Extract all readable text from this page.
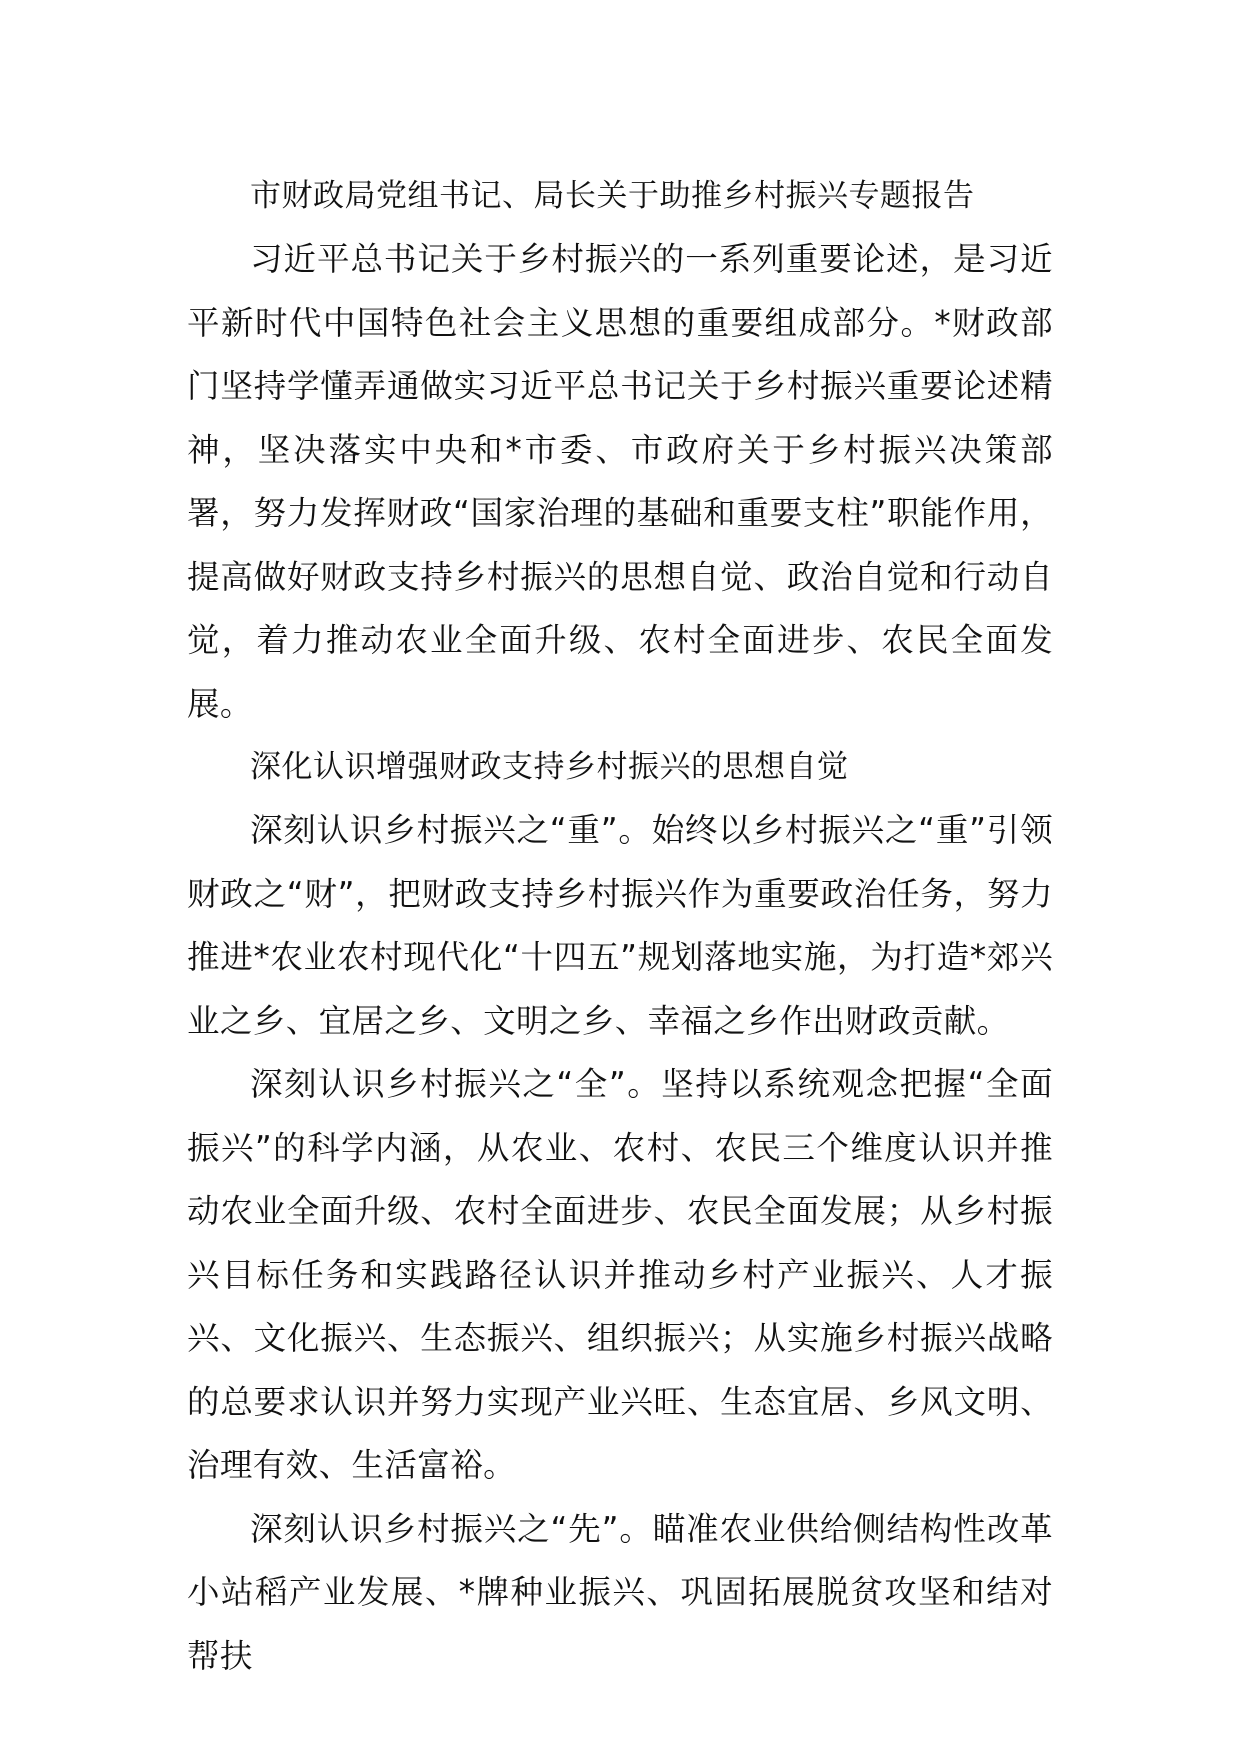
市财政局党组书记、局长关于助推乡村振兴专题报告

习近平总书记关于乡村振兴的一系列重要论述，是习近平新时代中国特色社会主义思想的重要组成部分。*财政部门坚持学懂弄通做实习近平总书记关于乡村振兴重要论述精神，坚决落实中央和*市委、市政府关于乡村振兴决策部署，努力发挥财政“国家治理的基础和重要支柱”职能作用，提高做好财政支持乡村振兴的思想自觉、政治自觉和行动自觉，着力推动农业全面升级、农村全面进步、农民全面发展。

深化认识增强财政支持乡村振兴的思想自觉

深刻认识乡村振兴之“重”。始终以乡村振兴之“重”引领财政之“财”，把财政支持乡村振兴作为重要政治任务，努力推进*农业农村现代化“十四五”规划落地实施，为打造*郊兴业之乡、宜居之乡、文明之乡、幸福之乡作出财政贡献。

深刻认识乡村振兴之“全”。坚持以系统观念把握“全面振兴”的科学内涵，从农业、农村、农民三个维度认识并推动农业全面升级、农村全面进步、农民全面发展；从乡村振兴目标任务和实践路径认识并推动乡村产业振兴、人才振兴、文化振兴、生态振兴、组织振兴；从实施乡村振兴战略的总要求认识并努力实现产业兴旺、生态宜居、乡风文明、治理有效、生活富裕。

深刻认识乡村振兴之“先”。瞄准农业供给侧结构性改革小站稻产业发展、*牌种业振兴、巩固拓展脱贫攻坚和结对帮扶
